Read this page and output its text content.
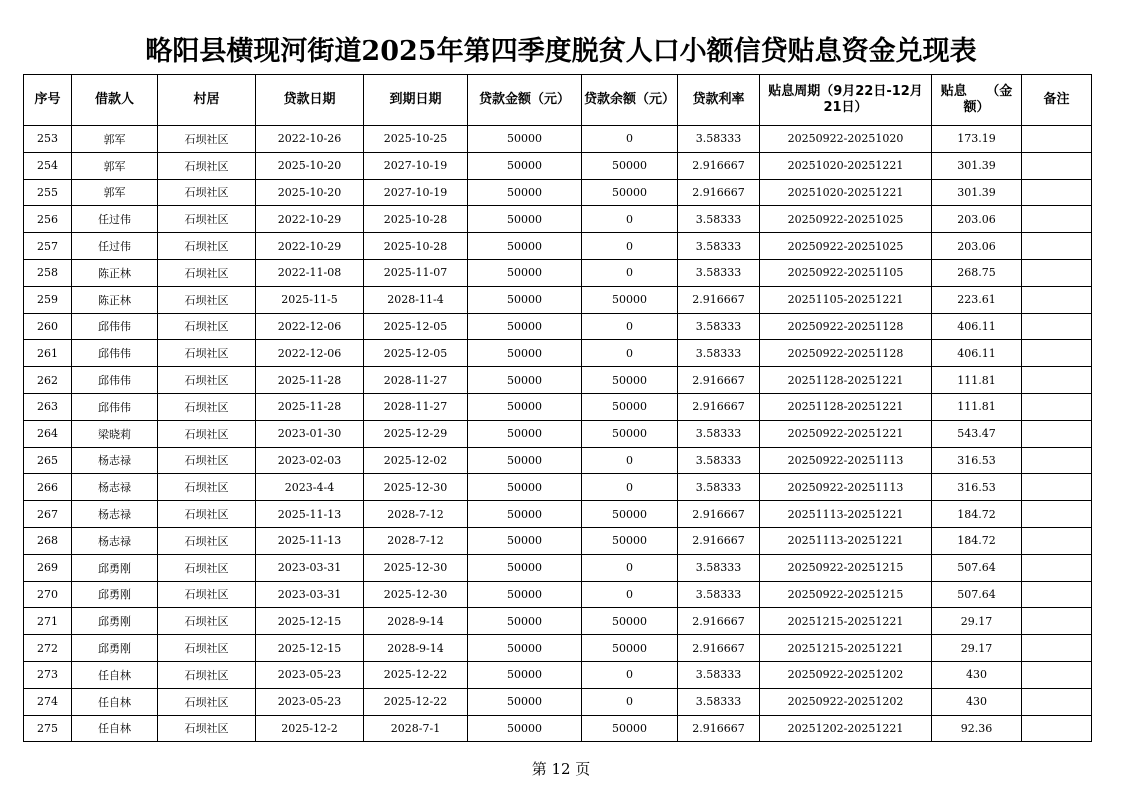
略阳县横现河街道2025年第四季度脱贫人口小额信贷贴息资金兑现表
序号	借款人	村居	贷款日期	到期日期	贷款金额（元）	贷款余额（元）	贷款利率	贴息周期（9月22日-12月21日）	贴息　　（金额）	备注
253	郭军	石坝社区	2022-10-26	2025-10-25	50000	0	3.58333	20250922-20251020	173.19	
254	郭军	石坝社区	2025-10-20	2027-10-19	50000	50000	2.916667	20251020-20251221	301.39	
255	郭军	石坝社区	2025-10-20	2027-10-19	50000	50000	2.916667	20251020-20251221	301.39	
256	任过伟	石坝社区	2022-10-29	2025-10-28	50000	0	3.58333	20250922-20251025	203.06	
257	任过伟	石坝社区	2022-10-29	2025-10-28	50000	0	3.58333	20250922-20251025	203.06	
258	陈正林	石坝社区	2022-11-08	2025-11-07	50000	0	3.58333	20250922-20251105	268.75	
259	陈正林	石坝社区	2025-11-5	2028-11-4	50000	50000	2.916667	20251105-20251221	223.61	
260	邱伟伟	石坝社区	2022-12-06	2025-12-05	50000	0	3.58333	20250922-20251128	406.11	
261	邱伟伟	石坝社区	2022-12-06	2025-12-05	50000	0	3.58333	20250922-20251128	406.11	
262	邱伟伟	石坝社区	2025-11-28	2028-11-27	50000	50000	2.916667	20251128-20251221	111.81	
263	邱伟伟	石坝社区	2025-11-28	2028-11-27	50000	50000	2.916667	20251128-20251221	111.81	
264	梁晓莉	石坝社区	2023-01-30	2025-12-29	50000	50000	3.58333	20250922-20251221	543.47	
265	杨志禄	石坝社区	2023-02-03	2025-12-02	50000	0	3.58333	20250922-20251113	316.53	
266	杨志禄	石坝社区	2023-4-4	2025-12-30	50000	0	3.58333	20250922-20251113	316.53	
267	杨志禄	石坝社区	2025-11-13	2028-7-12	50000	50000	2.916667	20251113-20251221	184.72	
268	杨志禄	石坝社区	2025-11-13	2028-7-12	50000	50000	2.916667	20251113-20251221	184.72	
269	邱勇刚	石坝社区	2023-03-31	2025-12-30	50000	0	3.58333	20250922-20251215	507.64	
270	邱勇刚	石坝社区	2023-03-31	2025-12-30	50000	0	3.58333	20250922-20251215	507.64	
271	邱勇刚	石坝社区	2025-12-15	2028-9-14	50000	50000	2.916667	20251215-20251221	29.17	
272	邱勇刚	石坝社区	2025-12-15	2028-9-14	50000	50000	2.916667	20251215-20251221	29.17	
273	任自林	石坝社区	2023-05-23	2025-12-22	50000	0	3.58333	20250922-20251202	430	
274	任自林	石坝社区	2023-05-23	2025-12-22	50000	0	3.58333	20250922-20251202	430	
275	任自林	石坝社区	2025-12-2	2028-7-1	50000	50000	2.916667	20251202-20251221	92.36	
第 12 页
